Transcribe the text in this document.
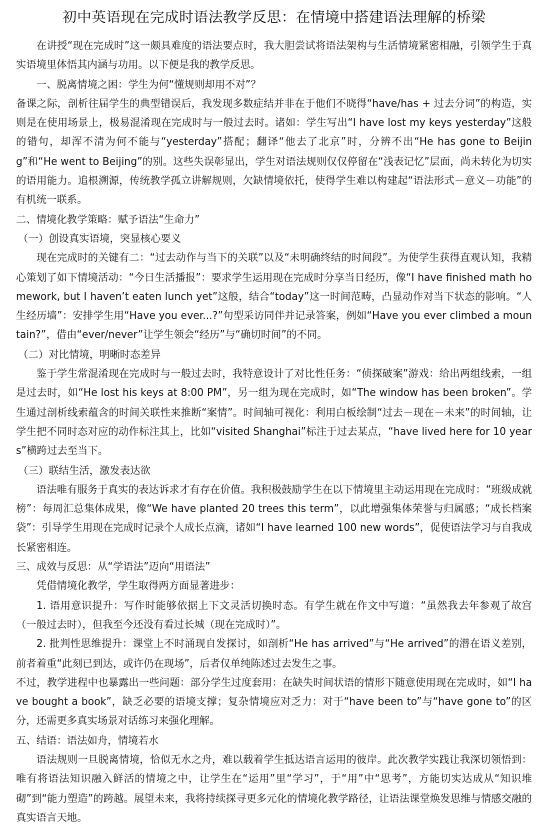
初中英语现在完成时语法教学反思：在情境中搭建语法理解的桥梁

在讲授“现在完成时”这一颇具难度的语法要点时，我大胆尝试将语法架构与生活情境紧密相融，引领学生于真实语境里体悟其内涵与功用。以下便是我的教学反思。

一、脱离情境之困：学生为何“懂规则却用不对”？

备课之际，剖析往届学生的典型错误后，我发现多数症结并非在于他们不晓得“have/has + 过去分词”的构造，实则是在使用场景上，极易混淆现在完成时与一般过去时。诸如：学生写出“I have lost my keys yesterday”这般的错句，却浑不清为何不能与“yesterday”搭配；翻译“他去了北京”时，分辨不出“He has gone to Beijing”和“He went to Beijing”的别。这些失误彰显出，学生对语法规则仅仅停留在“浅表记忆”层面，尚未转化为切实的语用能力。追根溯源，传统教学孤立讲解规则，欠缺情境依托，使得学生难以构建起“语法形式－意义－功能”的有机统一联系。

二、情境化教学策略：赋予语法“生命力”

（一）创设真实语境，突显核心要义

现在完成时的关键有二：“过去动作与当下的关联”以及“未明确终结的时间段”。为使学生获得直观认知，我精心策划了如下情境活动：“今日生活播报”：要求学生运用现在完成时分享当日经历，像“I have finished math homework, but I haven’t eaten lunch yet”这般，结合“today”这一时间范畴，凸显动作对当下状态的影响。“人生经历墙”：安排学生用“Have you ever...?”句型采访同伴并记录答案，例如“Have you ever climbed a mountain?”，借由“ever/never”让学生领会“经历”与“确切时间”的不同。

（二）对比情境，明晰时态差异

鉴于学生常混淆现在完成时与一般过去时，我特意设计了对比性任务：“侦探破案”游戏：给出两组线索，一组是过去时，如“He lost his keys at 8:00 PM”，另一组为现在完成时，如“The window has been broken”。学生通过剖析线索蕴含的时间关联性来推断“案情”。时间轴可视化：利用白板绘制“过去－现在－未来”的时间轴，让学生把不同时态对应的动作标注其上，比如“visited Shanghai”标注于过去某点，“have lived here for 10 years”横跨过去至当下。

（三）联结生活，激发表达欲

语法唯有服务于真实的表达诉求才有存在价值。我积极鼓励学生在以下情境里主动运用现在完成时：“班级成就榜”：每周汇总集体成果，像“We have planted 20 trees this term”，以此增强集体荣誉与归属感；“成长档案袋”：引导学生用现在完成时记录个人成长点滴，诸如“I have learned 100 new words”，促使语法学习与自我成长紧密相连。

三、成效与反思：从“学语法”迈向“用语法”

凭借情境化教学，学生取得两方面显著进步：

1. 语用意识提升：写作时能够依据上下文灵活切换时态。有学生就在作文中写道：“虽然我去年参观了故宫（一般过去时），但我至今还没有看过长城（现在完成时）”。

2. 批判性思维提升：课堂上不时涌现自发探讨，如剖析“He has arrived”与“He arrived”的潜在语义差别，前者着重“此刻已到达，或许仍在现场”，后者仅单纯陈述过去发生之事。

不过，教学进程中也暴露出一些问题：部分学生过度套用：在缺失时间状语的情形下随意使用现在完成时，如“I have bought a book”，缺乏必要的语境支撑；复杂情境应对乏力：对于“have been to”与“have gone to”的区分，还需更多真实场景对话练习来强化理解。

五、结语：语法如舟，情境若水

语法规则一旦脱离情境，恰似无水之舟，难以载着学生抵达语言运用的彼岸。此次教学实践让我深切领悟到：唯有将语法知识融入鲜活的情境之中，让学生在“运用”里“学习”，于“用”中“思考”，方能切实达成从“知识堆砌”到“能力塑造”的跨越。展望未来，我将持续探寻更多元化的情境化教学路径，让语法课堂焕发思维与情感交融的真实语言天地。
